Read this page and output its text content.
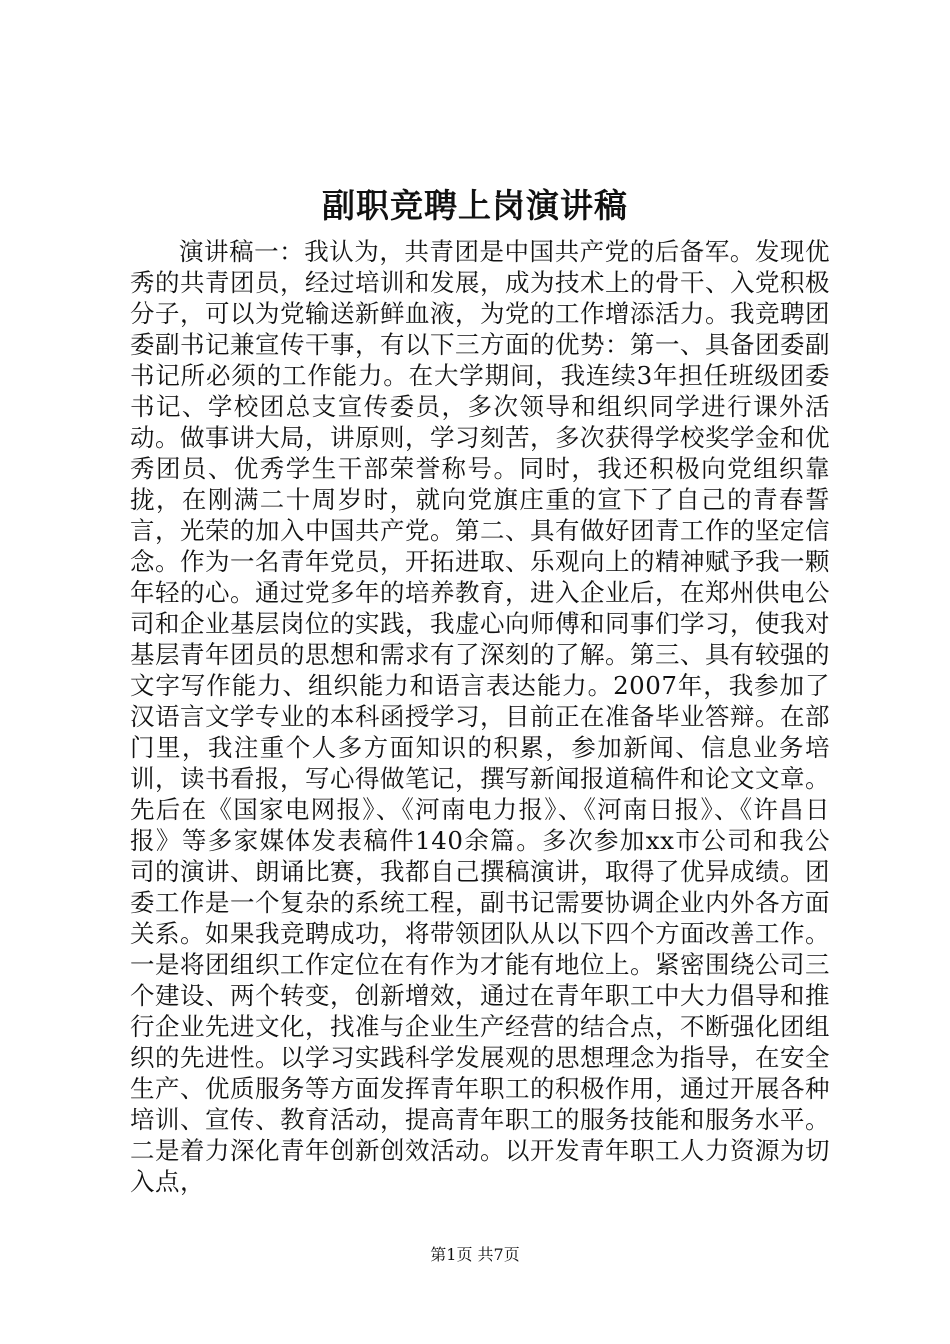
副职竞聘上岗演讲稿

演讲稿一：我认为，共青团是中国共产党的后备军。发现优秀的共青团员，经过培训和发展，成为技术上的骨干、入党积极分子，可以为党输送新鲜血液，为党的工作增添活力。我竞聘团委副书记兼宣传干事，有以下三方面的优势：第一、具备团委副书记所必须的工作能力。在大学期间，我连续3年担任班级团委书记、学校团总支宣传委员，多次领导和组织同学进行课外活动。做事讲大局，讲原则，学习刻苦，多次获得学校奖学金和优秀团员、优秀学生干部荣誉称号。同时，我还积极向党组织靠拢，在刚满二十周岁时，就向党旗庄重的宣下了自己的青春誓言，光荣的加入中国共产党。第二、具有做好团青工作的坚定信念。作为一名青年党员，开拓进取、乐观向上的精神赋予我一颗年轻的心。通过党多年的培养教育，进入企业后，在郑州供电公司和企业基层岗位的实践，我虚心向师傅和同事们学习，使我对基层青年团员的思想和需求有了深刻的了解。第三、具有较强的文字写作能力、组织能力和语言表达能力。2007年，我参加了汉语言文学专业的本科函授学习，目前正在准备毕业答辩。在部门里，我注重个人多方面知识的积累，参加新闻、信息业务培训，读书看报，写心得做笔记，撰写新闻报道稿件和论文文章。先后在《国家电网报》、《河南电力报》、《河南日报》、《许昌日报》等多家媒体发表稿件140余篇。多次参加xx市公司和我公司的演讲、朗诵比赛，我都自己撰稿演讲，取得了优异成绩。团委工作是一个复杂的系统工程，副书记需要协调企业内外各方面关系。如果我竞聘成功，将带领团队从以下四个方面改善工作。一是将团组织工作定位在有作为才能有地位上。紧密围绕公司三个建设、两个转变，创新增效，通过在青年职工中大力倡导和推行企业先进文化，找准与企业生产经营的结合点，不断强化团组织的先进性。以学习实践科学发展观的思想理念为指导，在安全生产、优质服务等方面发挥青年职工的积极作用，通过开展各种培训、宣传、教育活动，提高青年职工的服务技能和服务水平。二是着力深化青年创新创效活动。以开发青年职工人力资源为切入点，

第1页 共7页
